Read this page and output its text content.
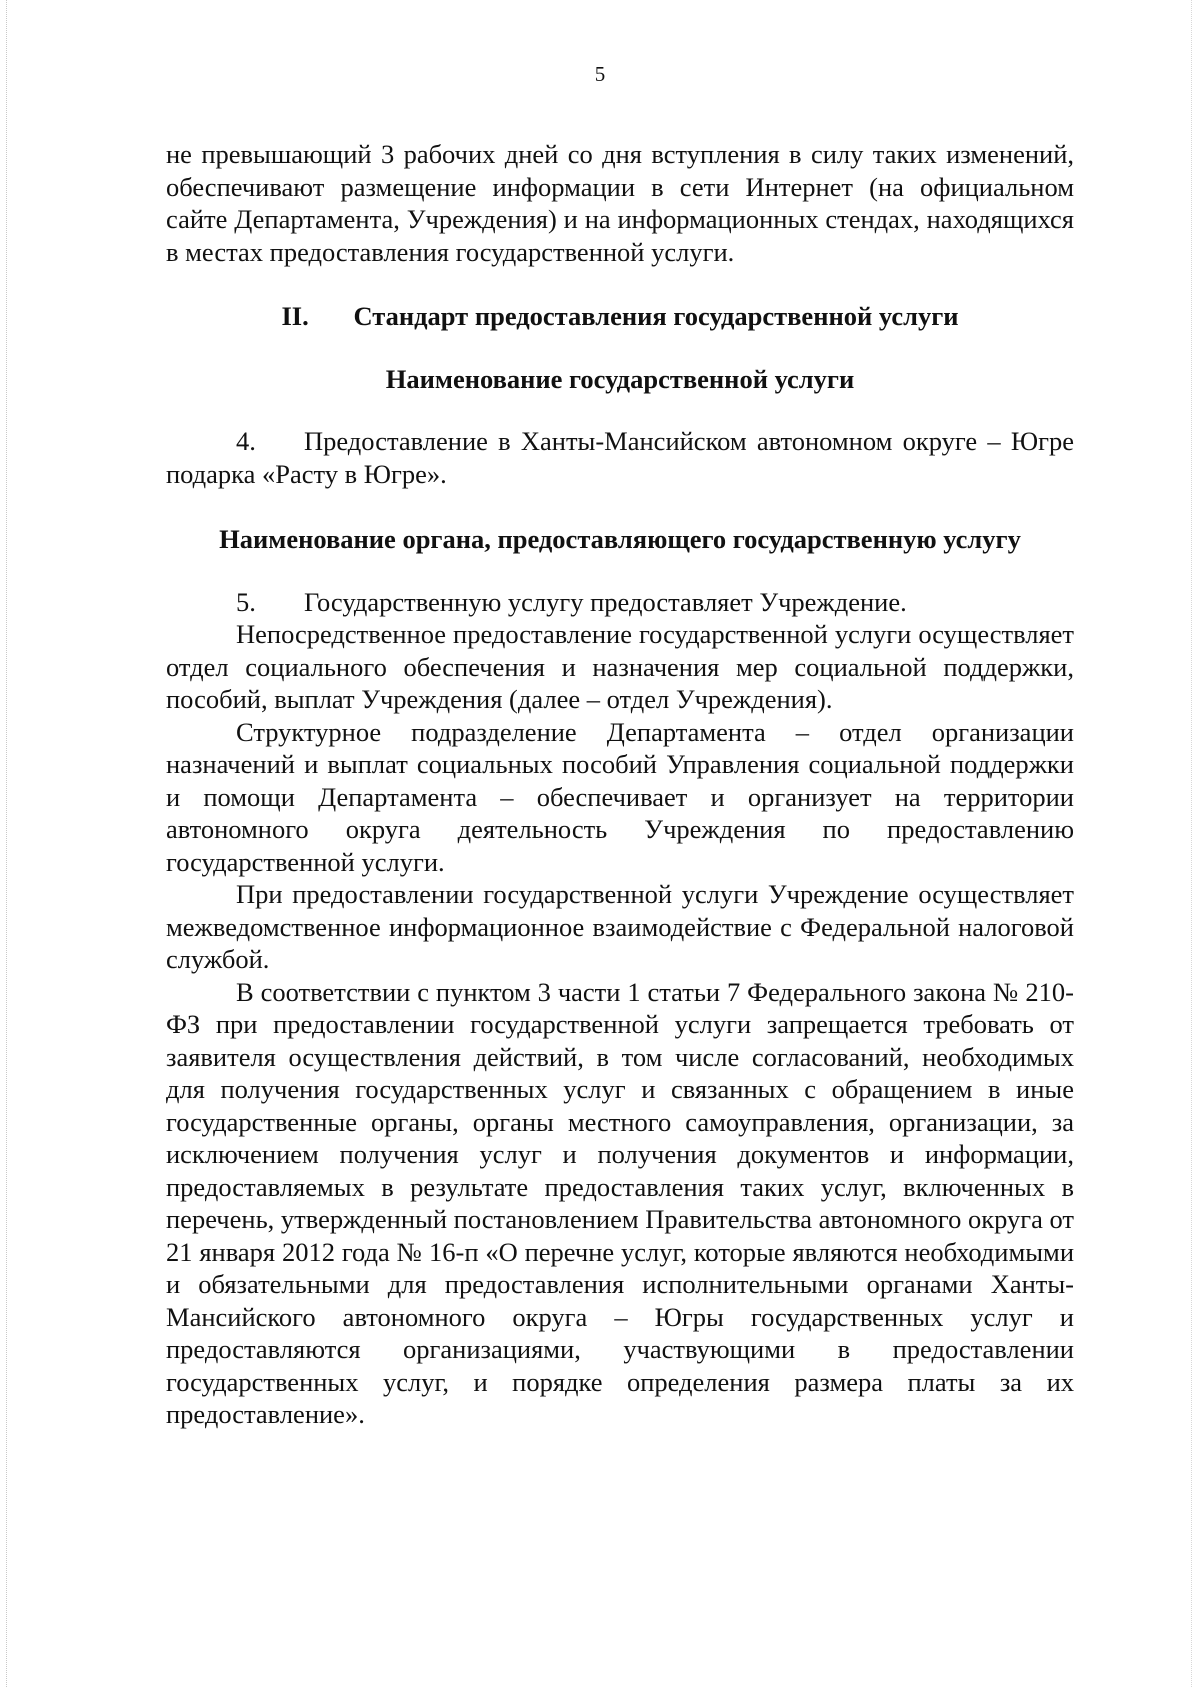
5

не превышающий 3 рабочих дней со дня вступления в силу таких изменений, обеспечивают размещение информации в сети Интернет (на официальном сайте Департамента, Учреждения) и на информационных стендах, находящихся в местах предоставления государственной услуги.

II. Стандарт предоставления государственной услуги
Наименование государственной услуги

4. Предоставление в Ханты-Мансийском автономном округе – Югре подарка «Расту в Югре».

Наименование органа, предоставляющего государственную услугу

5. Государственную услугу предоставляет Учреждение.

Непосредственное предоставление государственной услуги осуществляет отдел социального обеспечения и назначения мер социальной поддержки, пособий, выплат Учреждения (далее – отдел Учреждения).

Структурное подразделение Департамента – отдел организации назначений и выплат социальных пособий Управления социальной поддержки и помощи Департамента – обеспечивает и организует на территории автономного округа деятельность Учреждения по предоставлению государственной услуги.

При предоставлении государственной услуги Учреждение осуществляет межведомственное информационное взаимодействие с Федеральной налоговой службой.

В соответствии с пунктом 3 части 1 статьи 7 Федерального закона № 210-ФЗ при предоставлении государственной услуги запрещается требовать от заявителя осуществления действий, в том числе согласований, необходимых для получения государственных услуг и связанных с обращением в иные государственные органы, органы местного самоуправления, организации, за исключением получения услуг и получения документов и информации, предоставляемых в результате предоставления таких услуг, включенных в перечень, утвержденный постановлением Правительства автономного округа от 21 января 2012 года № 16-п «О перечне услуг, которые являются необходимыми и обязательными для предоставления исполнительными органами Ханты-Мансийского автономного округа – Югры государственных услуг и предоставляются организациями, участвующими в предоставлении государственных услуг, и порядке определения размера платы за их предоставление».
